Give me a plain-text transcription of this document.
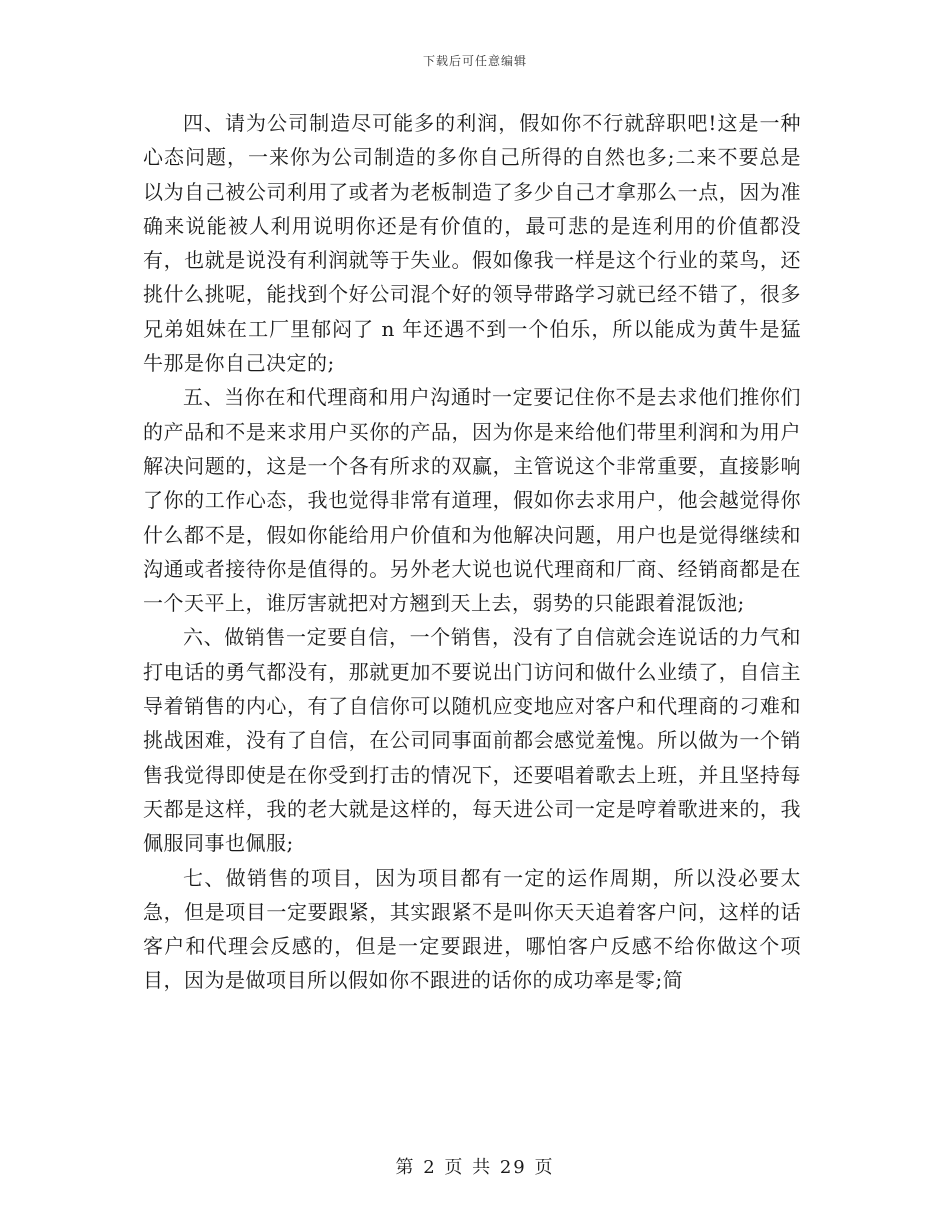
下载后可任意编辑

四、请为公司制造尽可能多的利润，假如你不行就辞职吧!这是一种心态问题，一来你为公司制造的多你自己所得的自然也多;二来不要总是以为自己被公司利用了或者为老板制造了多少自己才拿那么一点，因为准确来说能被人利用说明你还是有价值的，最可悲的是连利用的价值都没有，也就是说没有利润就等于失业。假如像我一样是这个行业的菜鸟，还挑什么挑呢，能找到个好公司混个好的领导带路学习就已经不错了，很多兄弟姐妹在工厂里郁闷了 n 年还遇不到一个伯乐，所以能成为黄牛是猛牛那是你自己决定的;

五、当你在和代理商和用户沟通时一定要记住你不是去求他们推你们的产品和不是来求用户买你的产品，因为你是来给他们带里利润和为用户解决问题的，这是一个各有所求的双赢，主管说这个非常重要，直接影响了你的工作心态，我也觉得非常有道理，假如你去求用户，他会越觉得你什么都不是，假如你能给用户价值和为他解决问题，用户也是觉得继续和沟通或者接待你是值得的。另外老大说也说代理商和厂商、经销商都是在一个天平上，谁厉害就把对方翘到天上去，弱势的只能跟着混饭池;

六、做销售一定要自信，一个销售，没有了自信就会连说话的力气和打电话的勇气都没有，那就更加不要说出门访问和做什么业绩了，自信主导着销售的内心，有了自信你可以随机应变地应对客户和代理商的刁难和挑战困难，没有了自信，在公司同事面前都会感觉羞愧。所以做为一个销售我觉得即使是在你受到打击的情况下，还要唱着歌去上班，并且坚持每天都是这样，我的老大就是这样的，每天进公司一定是哼着歌进来的，我佩服同事也佩服;

七、做销售的项目，因为项目都有一定的运作周期，所以没必要太急，但是项目一定要跟紧，其实跟紧不是叫你天天追着客户问，这样的话客户和代理会反感的，但是一定要跟进，哪怕客户反感不给你做这个项目，因为是做项目所以假如你不跟进的话你的成功率是零;简

第 2 页 共 29 页
